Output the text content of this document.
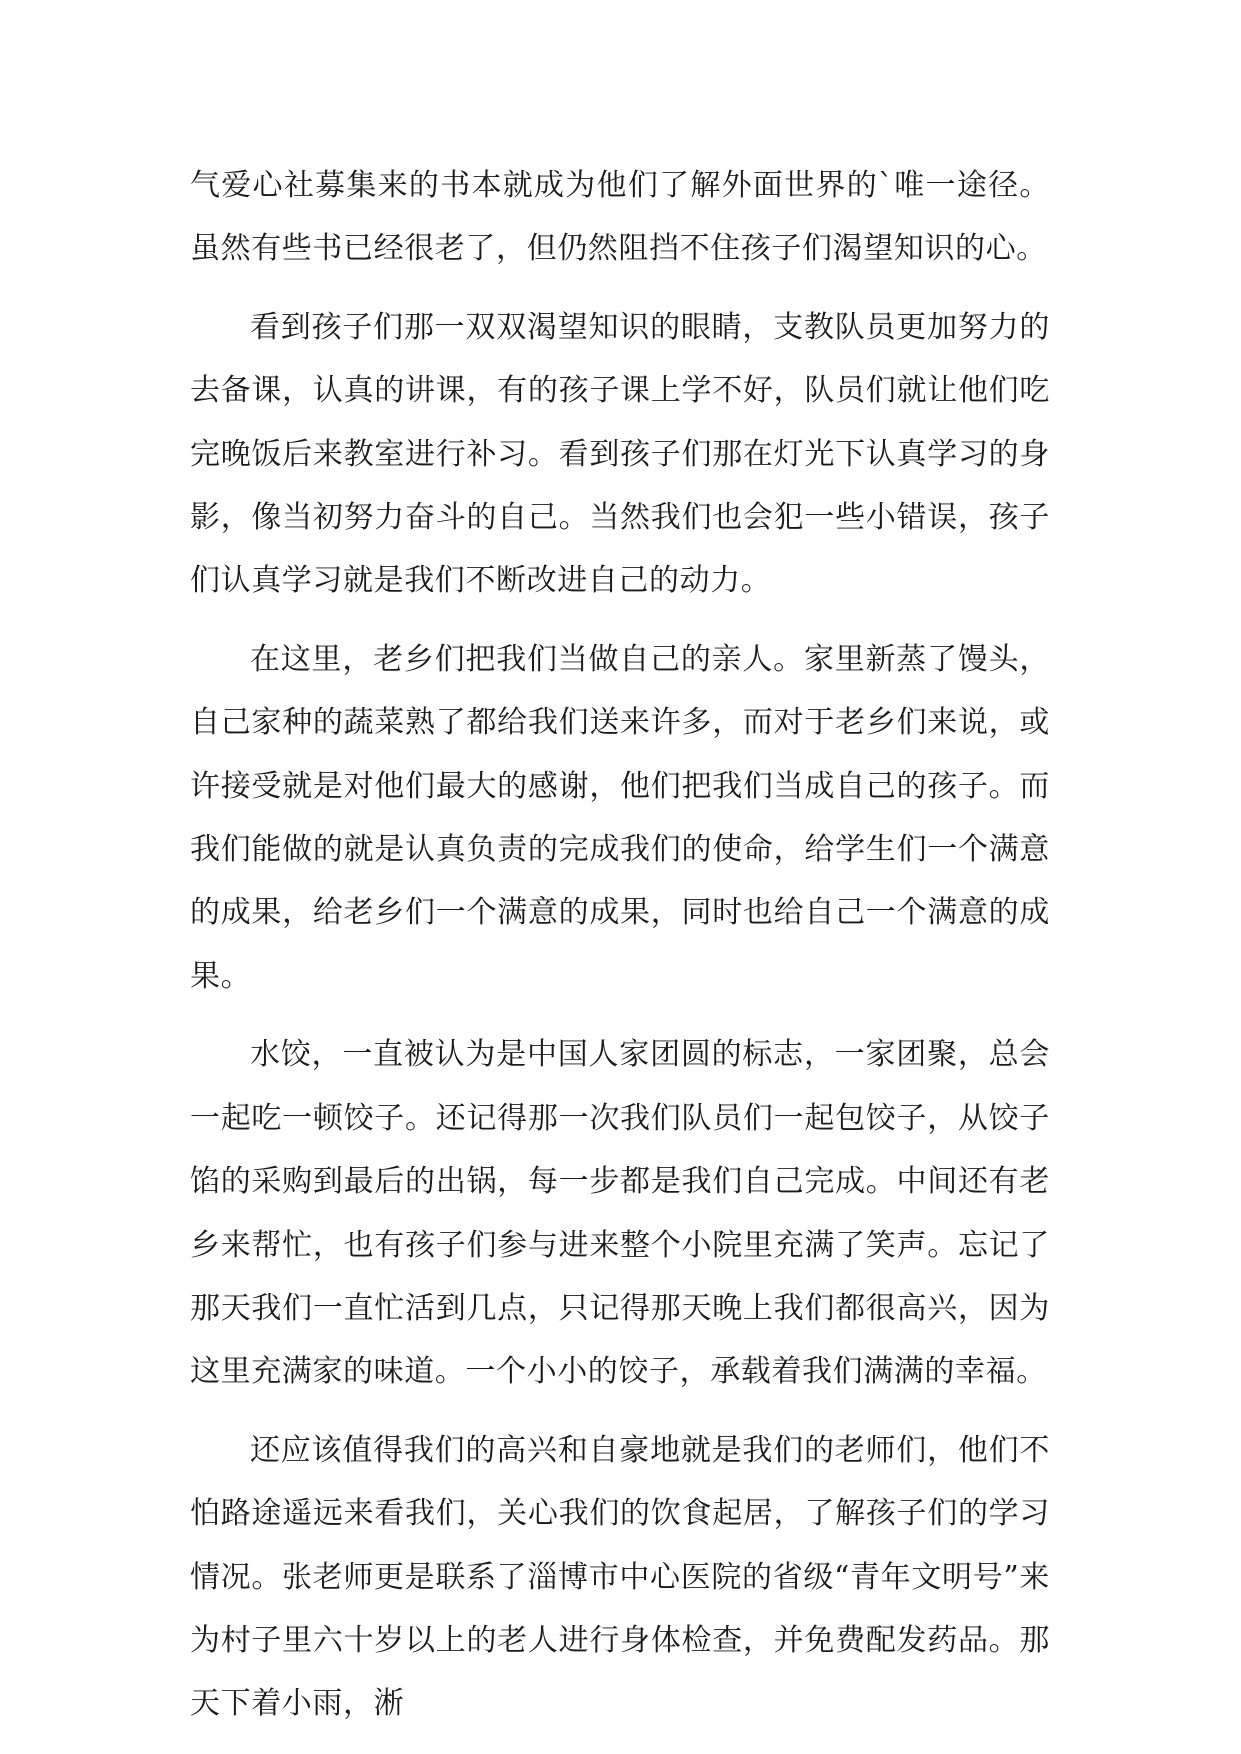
气爱心社募集来的书本就成为他们了解外面世界的`唯一途径。虽然有些书已经很老了，但仍然阻挡不住孩子们渴望知识的心。

看到孩子们那一双双渴望知识的眼睛，支教队员更加努力的去备课，认真的讲课，有的孩子课上学不好，队员们就让他们吃完晚饭后来教室进行补习。看到孩子们那在灯光下认真学习的身影，像当初努力奋斗的自己。当然我们也会犯一些小错误，孩子们认真学习就是我们不断改进自己的动力。

在这里，老乡们把我们当做自己的亲人。家里新蒸了馒头，自己家种的蔬菜熟了都给我们送来许多，而对于老乡们来说，或许接受就是对他们最大的感谢，他们把我们当成自己的孩子。而我们能做的就是认真负责的完成我们的使命，给学生们一个满意的成果，给老乡们一个满意的成果，同时也给自己一个满意的成果。

水饺，一直被认为是中国人家团圆的标志，一家团聚，总会一起吃一顿饺子。还记得那一次我们队员们一起包饺子，从饺子馅的采购到最后的出锅，每一步都是我们自己完成。中间还有老乡来帮忙，也有孩子们参与进来整个小院里充满了笑声。忘记了那天我们一直忙活到几点，只记得那天晚上我们都很高兴，因为这里充满家的味道。一个小小的饺子，承载着我们满满的幸福。

还应该值得我们的高兴和自豪地就是我们的老师们，他们不怕路途遥远来看我们，关心我们的饮食起居，了解孩子们的学习情况。张老师更是联系了淄博市中心医院的省级“青年文明号”来为村子里六十岁以上的老人进行身体检查，并免费配发药品。那天下着小雨，淅
